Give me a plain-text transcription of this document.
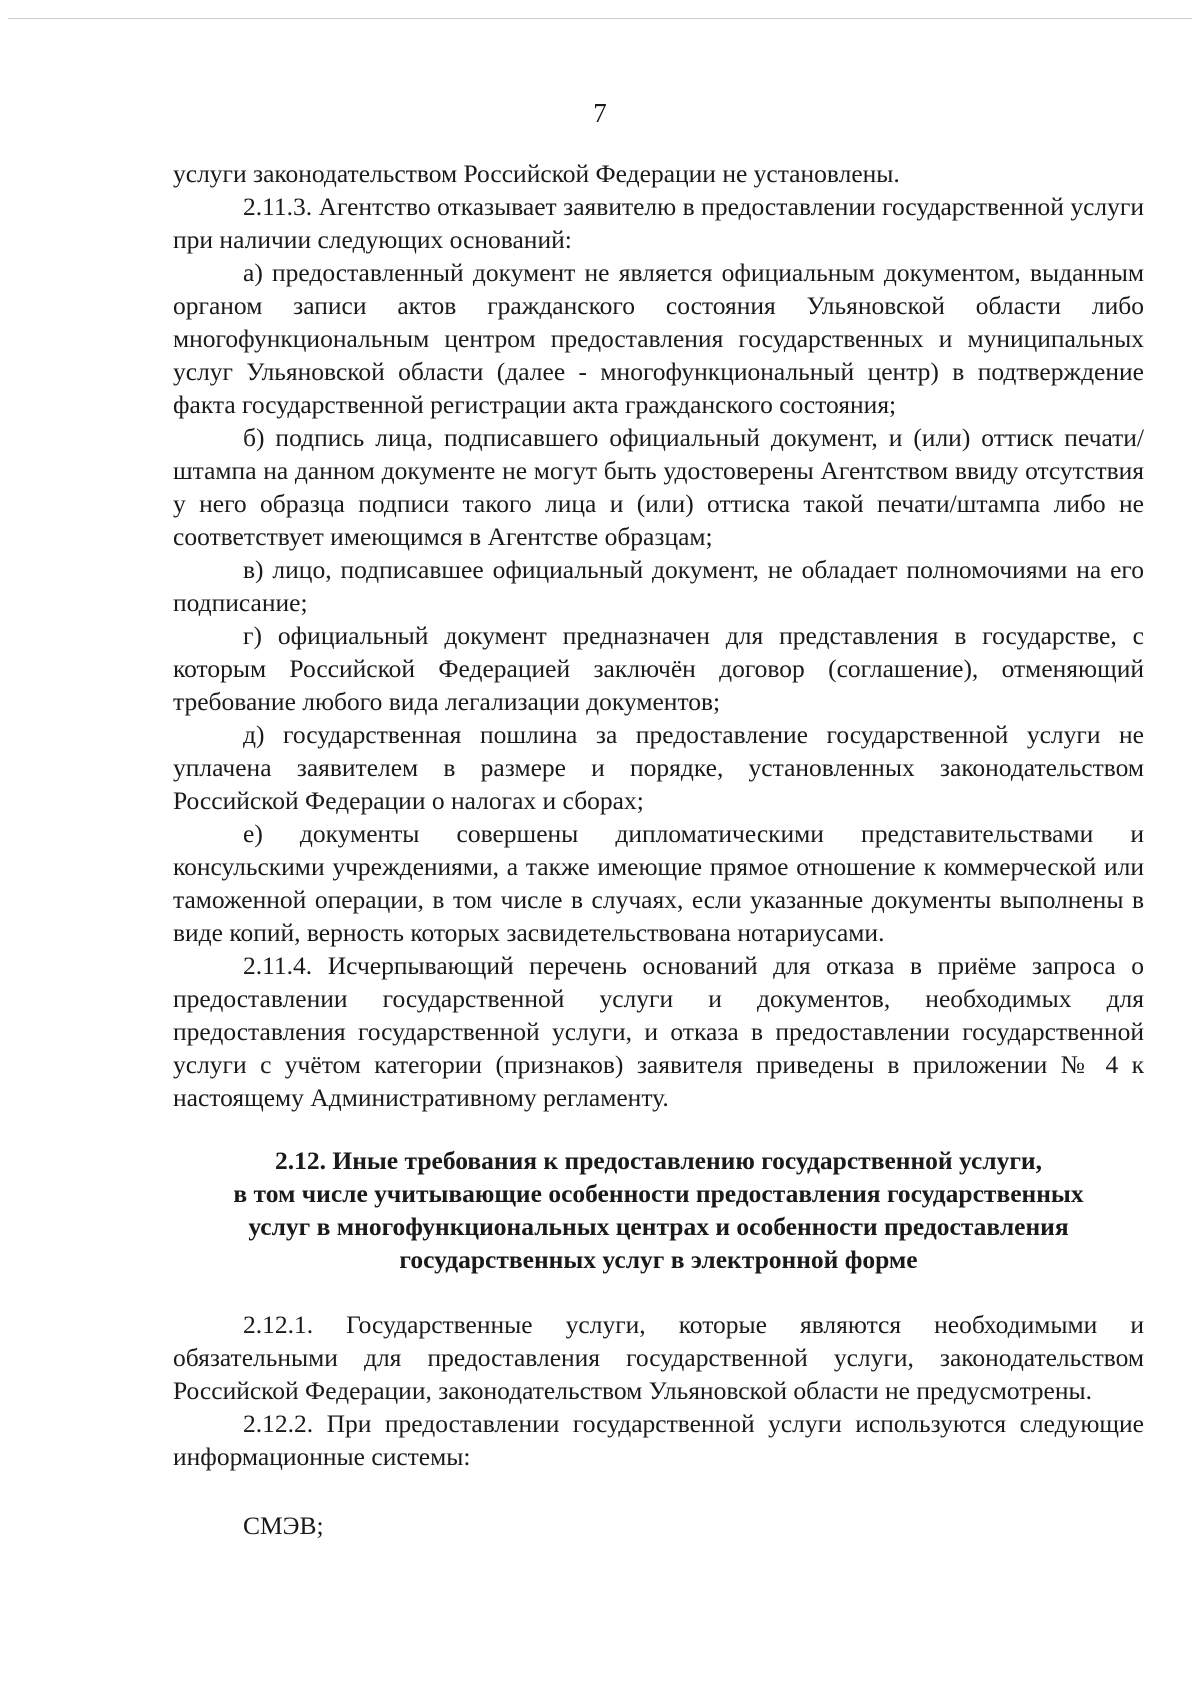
7

услуги законодательством Российской Федерации не установлены.

2.11.3. Агентство отказывает заявителю в предоставлении государственной услуги при наличии следующих оснований:

а) предоставленный документ не является официальным документом, выданным органом записи актов гражданского состояния Ульяновской области либо многофункциональным центром предоставления государственных и муниципальных услуг Ульяновской области (далее - многофункциональный центр) в подтверждение факта государственной регистрации акта гражданского состояния;

б) подпись лица, подписавшего официальный документ, и (или) оттиск печати/штампа на данном документе не могут быть удостоверены Агентством ввиду отсутствия у него образца подписи такого лица и (или) оттиска такой печати/штампа либо не соответствует имеющимся в Агентстве образцам;

в) лицо, подписавшее официальный документ, не обладает полномочиями на его подписание;

г) официальный документ предназначен для представления в государстве, с которым Российской Федерацией заключён договор (соглашение), отменяющий требование любого вида легализации документов;

д) государственная пошлина за предоставление государственной услуги не уплачена заявителем в размере и порядке, установленных законодательством Российской Федерации о налогах и сборах;

е) документы совершены дипломатическими представительствами и консульскими учреждениями, а также имеющие прямое отношение к коммерческой или таможенной операции, в том числе в случаях, если указанные документы выполнены в виде копий, верность которых засвидетельствована нотариусами.

2.11.4. Исчерпывающий перечень оснований для отказа в приёме запроса о предоставлении государственной услуги и документов, необходимых для предоставления государственной услуги, и отказа в предоставлении государственной услуги с учётом категории (признаков) заявителя приведены в приложении № 4 к настоящему Административному регламенту.

2.12. Иные требования к предоставлению государственной услуги,
в том числе учитывающие особенности предоставления государственных
услуг в многофункциональных центрах и особенности предоставления
государственных услуг в электронной форме

2.12.1. Государственные услуги, которые являются необходимыми и обязательными для предоставления государственной услуги, законодательством Российской Федерации, законодательством Ульяновской области не предусмотрены.

2.12.2. При предоставлении государственной услуги используются следующие информационные системы:

СМЭВ;
